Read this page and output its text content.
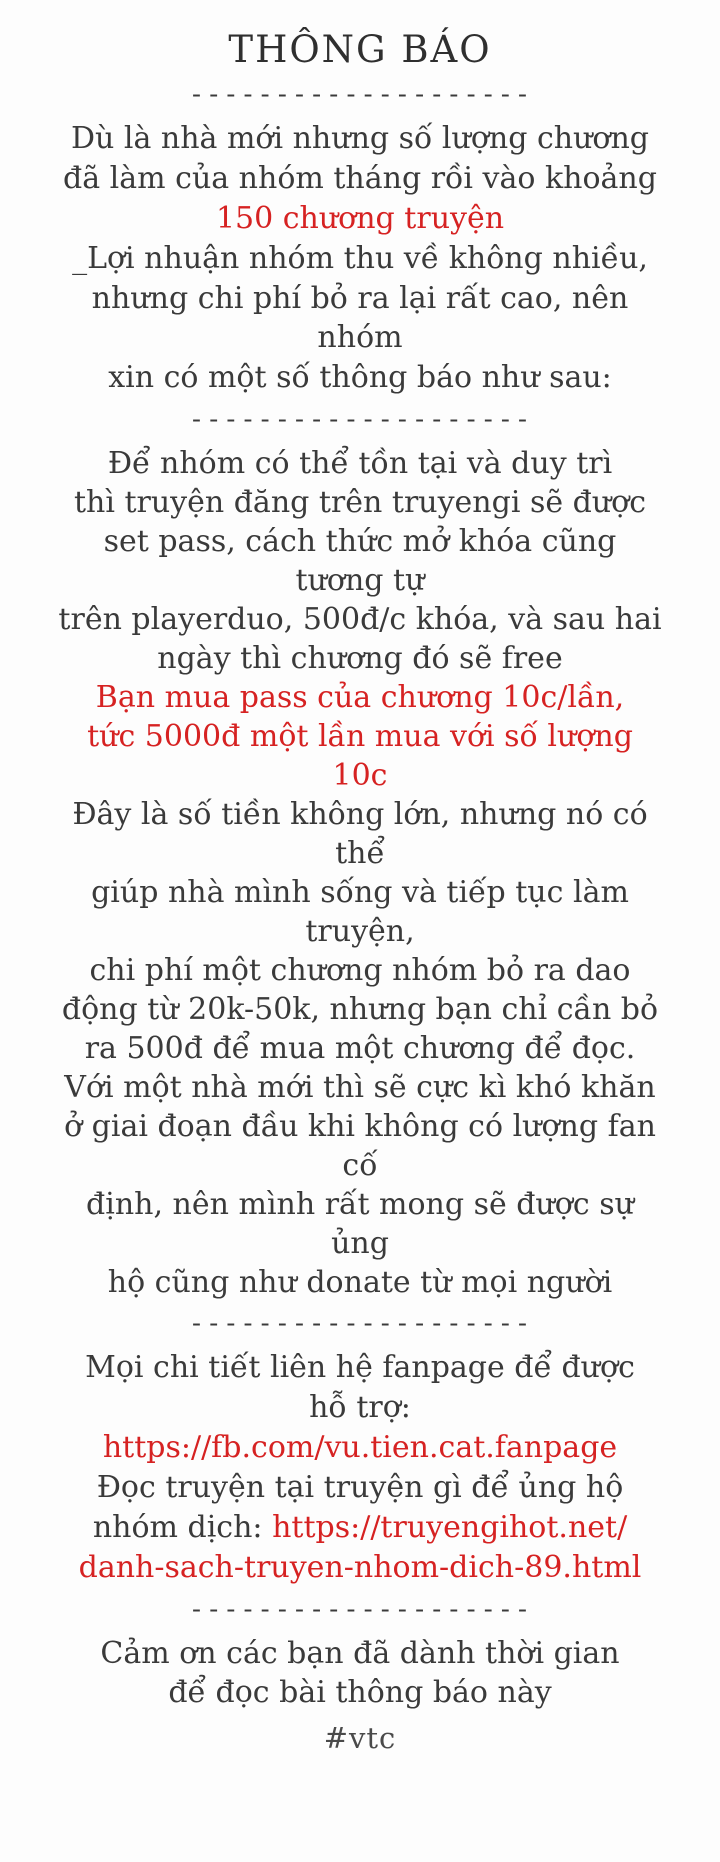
THÔNG BÁO
- - - - - - - - - - - - - - - - - - - -
Dù là nhà mới nhưng số lượng chương
đã làm của nhóm tháng rồi vào khoảng
150 chương truyện
_Lợi nhuận nhóm thu về không nhiều,
nhưng chi phí bỏ ra lại rất cao, nên nhóm
xin có một số thông báo như sau:
- - - - - - - - - - - - - - - - - - - -
Để nhóm có thể tồn tại và duy trì
thì truyện đăng trên truyengi sẽ được
set pass, cách thức mở khóa cũng tương tự
trên playerduo, 500đ/c khóa, và sau hai
ngày thì chương đó sẽ free
Bạn mua pass của chương 10c/lần,
tức 5000đ một lần mua với số lượng 10c
Đây là số tiền không lớn, nhưng nó có thể
giúp nhà mình sống và tiếp tục làm truyện,
chi phí một chương nhóm bỏ ra dao
động từ 20k-50k, nhưng bạn chỉ cần bỏ
ra 500đ để mua một chương để đọc.
Với một nhà mới thì sẽ cực kì khó khăn
ở giai đoạn đầu khi không có lượng fan cố
định, nên mình rất mong sẽ được sự ủng
hộ cũng như donate từ mọi người
- - - - - - - - - - - - - - - - - - - -
Mọi chi tiết liên hệ fanpage để được
hỗ trợ: https://fb.com/vu.tien.cat.fanpage
Đọc truyện tại truyện gì để ủng hộ
nhóm dịch: https://truyengihot.net/
danh-sach-truyen-nhom-dich-89.html
- - - - - - - - - - - - - - - - - - - -
Cảm ơn các bạn đã dành thời gian
để đọc bài thông báo này
#vtc
